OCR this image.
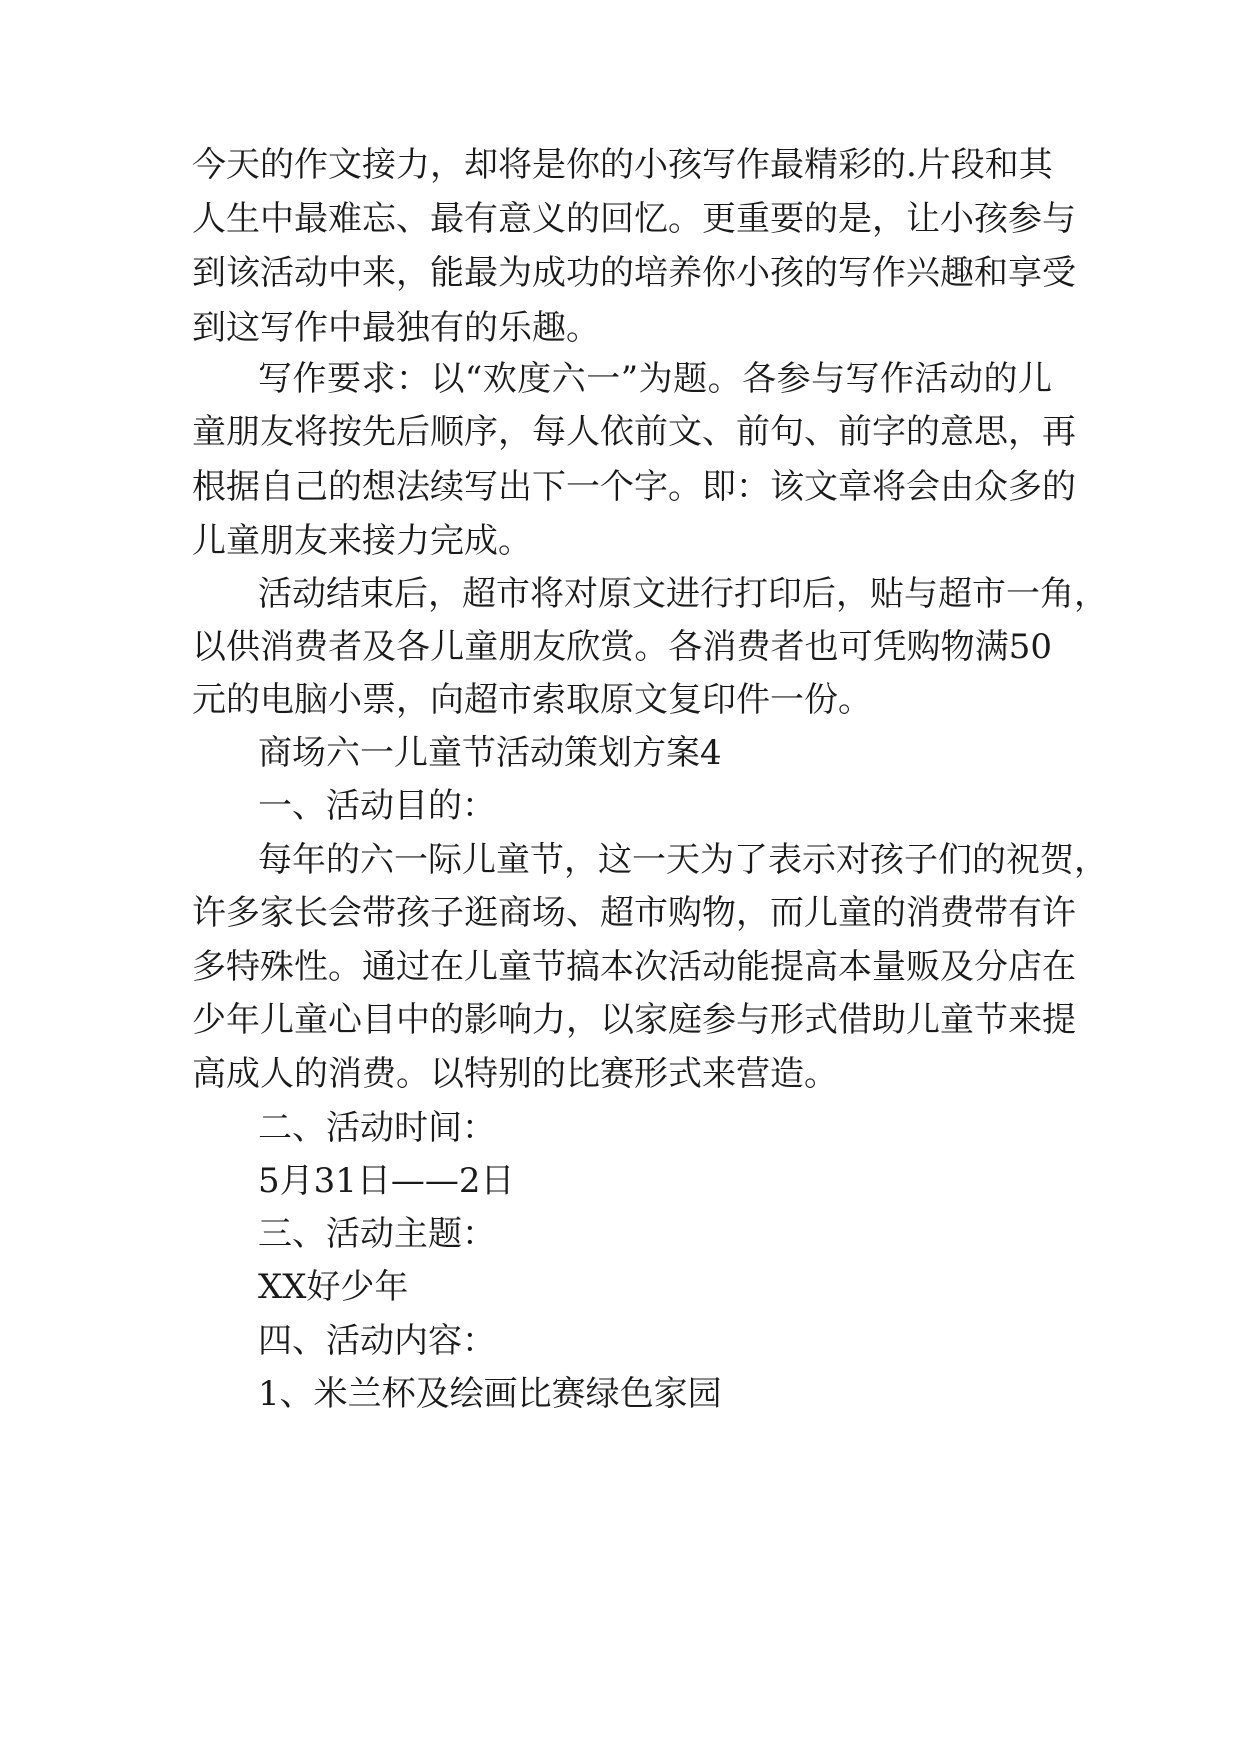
今天的作文接力，却将是你的小孩写作最精彩的.片段和其
人生中最难忘、最有意义的回忆。更重要的是，让小孩参与
到该活动中来，能最为成功的培养你小孩的写作兴趣和享受
到这写作中最独有的乐趣。
写作要求：以“欢度六一”为题。各参与写作活动的儿
童朋友将按先后顺序，每人依前文、前句、前字的意思，再
根据自己的想法续写出下一个字。即：该文章将会由众多的
儿童朋友来接力完成。
活动结束后，超市将对原文进行打印后，贴与超市一角，
以供消费者及各儿童朋友欣赏。各消费者也可凭购物满50
元的电脑小票，向超市索取原文复印件一份。
商场六一儿童节活动策划方案4
一、活动目的：
每年的六一际儿童节，这一天为了表示对孩子们的祝贺，
许多家长会带孩子逛商场、超市购物，而儿童的消费带有许
多特殊性。通过在儿童节搞本次活动能提高本量贩及分店在
少年儿童心目中的影响力，以家庭参与形式借助儿童节来提
高成人的消费。以特别的比赛形式来营造。
二、活动时间：
5月31日——2日
三、活动主题：
XX好少年
四、活动内容：
1、米兰杯及绘画比赛绿色家园
